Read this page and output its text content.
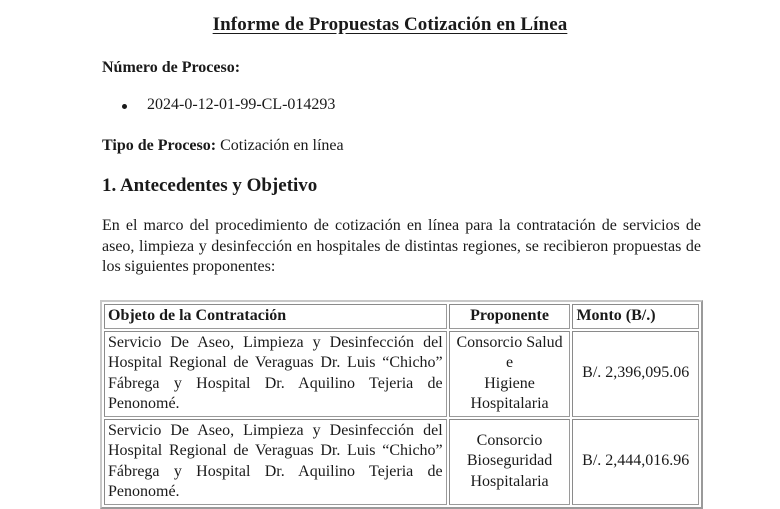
Informe de Propuestas Cotización en Línea

Número de Proceso:

2024-0-12-01-99-CL-014293

Tipo de Proceso: Cotización en línea

1. Antecedentes y Objetivo

En el marco del procedimiento de cotización en línea para la contratación de servicios de aseo, limpieza y desinfección en hospitales de distintas regiones, se recibieron propuestas de los siguientes proponentes:

Objeto de la Contratación	Proponente	Monto (B/.)

Servicio De Aseo, Limpieza y Desinfección del
Hospital Regional de Veraguas Dr. Luis “Chicho”
Fábrega y Hospital Dr. Aquilino Tejeria de Penonomé.	Consorcio Salud e
Higiene
Hospitalaria	B/. 2,396,095.06

Servicio De Aseo, Limpieza y Desinfección del
Hospital Regional de Veraguas Dr. Luis “Chicho”
Fábrega y Hospital Dr. Aquilino Tejeria de Penonomé.	Consorcio
Bioseguridad
Hospitalaria	B/. 2,444,016.96
